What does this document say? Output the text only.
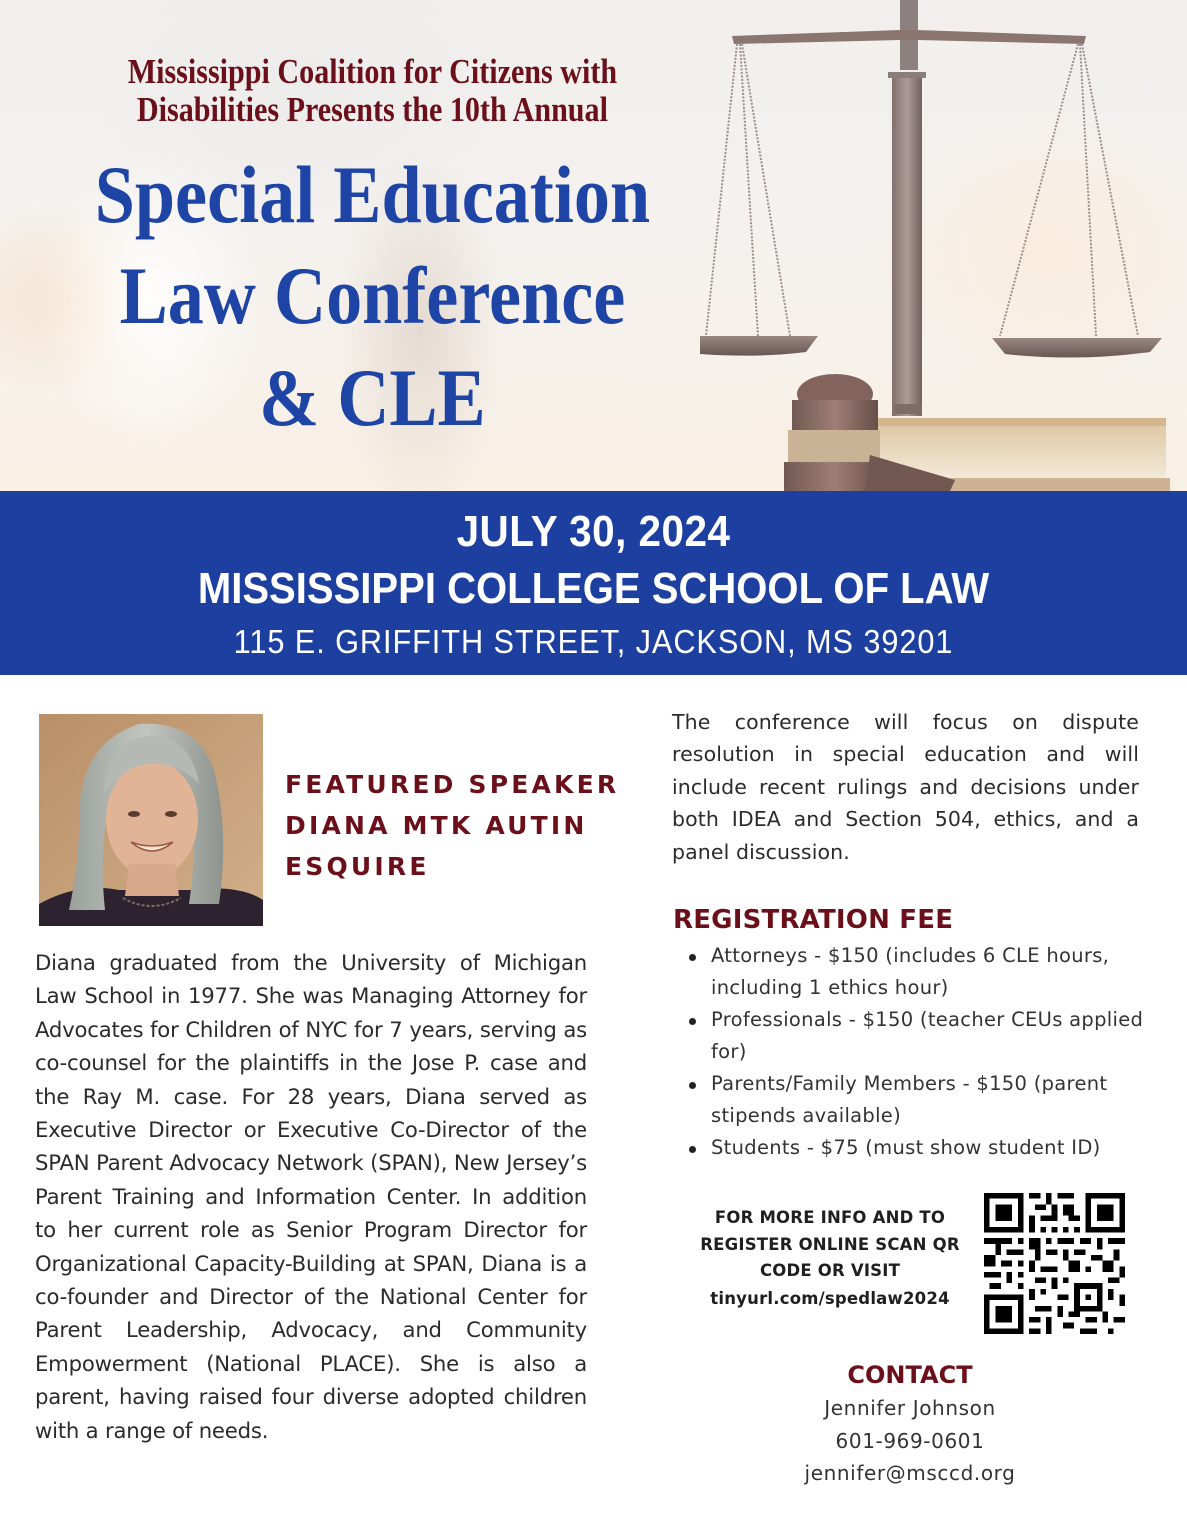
Mississippi Coalition for Citizens with
Disabilities Presents the 10th Annual
Special Education
Law Conference
& CLE
JULY 30, 2024
MISSISSIPPI COLLEGE SCHOOL OF LAW
115 E. GRIFFITH STREET, JACKSON, MS 39201
FEATURED SPEAKER
DIANA MTK AUTIN
ESQUIRE

Diana graduated from the University of Michigan Law School in 1977. She was Managing Attorney for Advocates for Children of NYC for 7 years, serving as co-counsel for the plaintiffs in the Jose P. case and the Ray M. case. For 28 years, Diana served as Executive Director or Executive Co-Director of the SPAN Parent Advocacy Network (SPAN), New Jersey’s Parent Training and Information Center. In addition to her current role as Senior Program Director for Organizational Capacity-Building at SPAN, Diana is a co-founder and Director of the National Center for Parent Leadership, Advocacy, and Community Empowerment (National PLACE). She is also a parent, having raised four diverse adopted children with a range of needs.

The conference will focus on dispute resolution in special education and will include recent rulings and decisions under both IDEA and Section 504, ethics, and a panel discussion.

REGISTRATION FEE
Attorneys - $150 (includes 6 CLE hours, including 1 ethics hour)
Professionals - $150 (teacher CEUs applied for)
Parents/Family Members - $150 (parent stipends available)
Students - $75 (must show student ID)
FOR MORE INFO AND TO REGISTER ONLINE SCAN QR CODE OR VISIT
tinyurl.com/spedlaw2024
CONTACT
Jennifer Johnson
601-969-0601
jennifer@msccd.org
